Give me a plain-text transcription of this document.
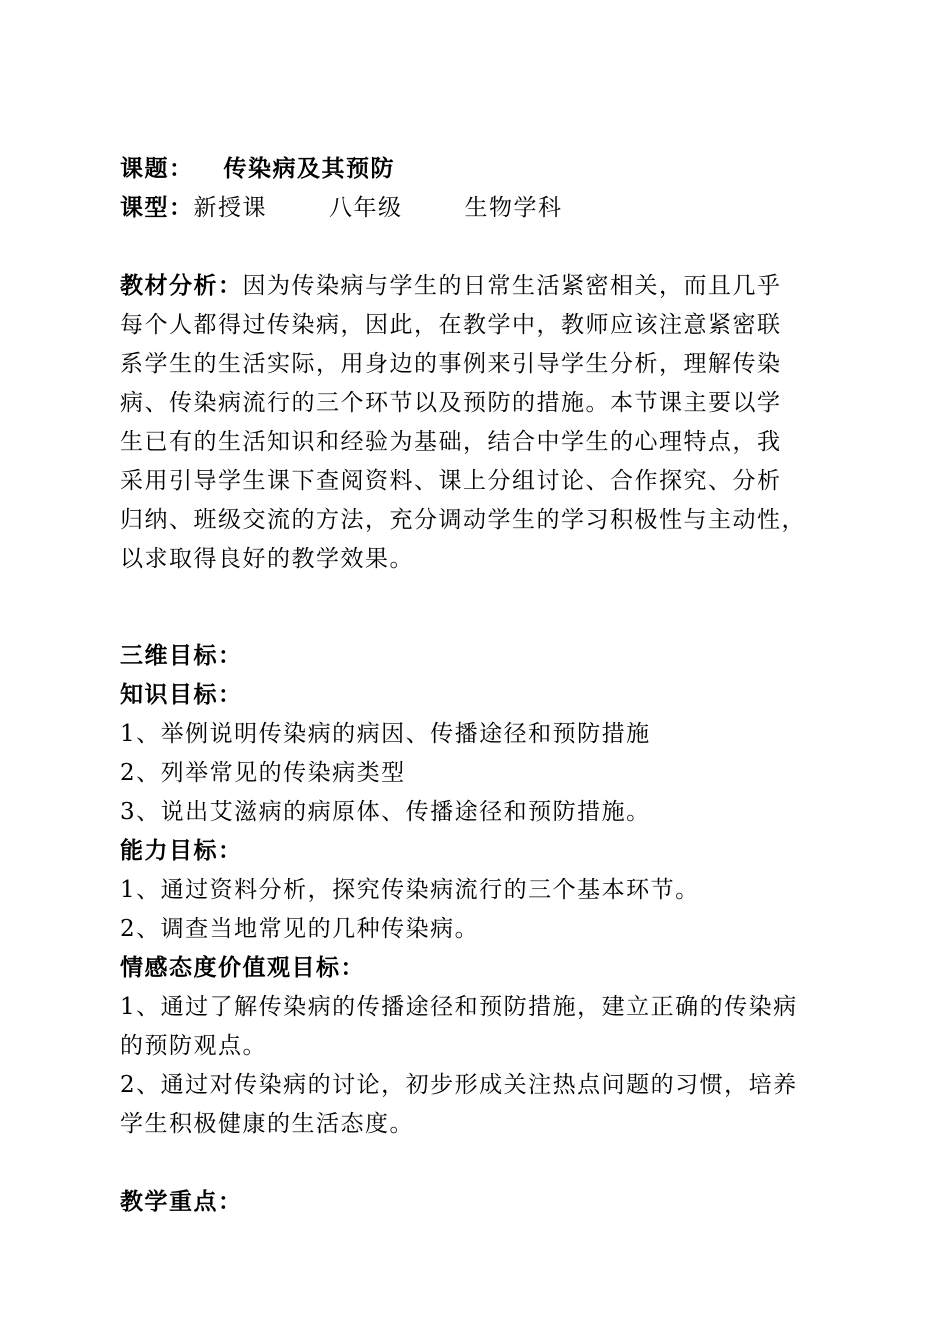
课题： 传染病及其预防
课型：新授课	八年级	生物学科
教材分析：因为传染病与学生的日常生活紧密相关，而且几乎
每个人都得过传染病，因此，在教学中，教师应该注意紧密联
系学生的生活实际，用身边的事例来引导学生分析，理解传染
病、传染病流行的三个环节以及预防的措施。本节课主要以学
生已有的生活知识和经验为基础，结合中学生的心理特点，我
采用引导学生课下查阅资料、课上分组讨论、合作探究、分析
归纳、班级交流的方法，充分调动学生的学习积极性与主动性，
以求取得良好的教学效果。
三维目标：
知识目标：
1、举例说明传染病的病因、传播途径和预防措施
2、列举常见的传染病类型
3、说出艾滋病的病原体、传播途径和预防措施。
能力目标：
1、通过资料分析，探究传染病流行的三个基本环节。
2、调查当地常见的几种传染病。
情感态度价值观目标：
1、通过了解传染病的传播途径和预防措施，建立正确的传染病
的预防观点。
2、通过对传染病的讨论，初步形成关注热点问题的习惯，培养
学生积极健康的生活态度。
教学重点：
